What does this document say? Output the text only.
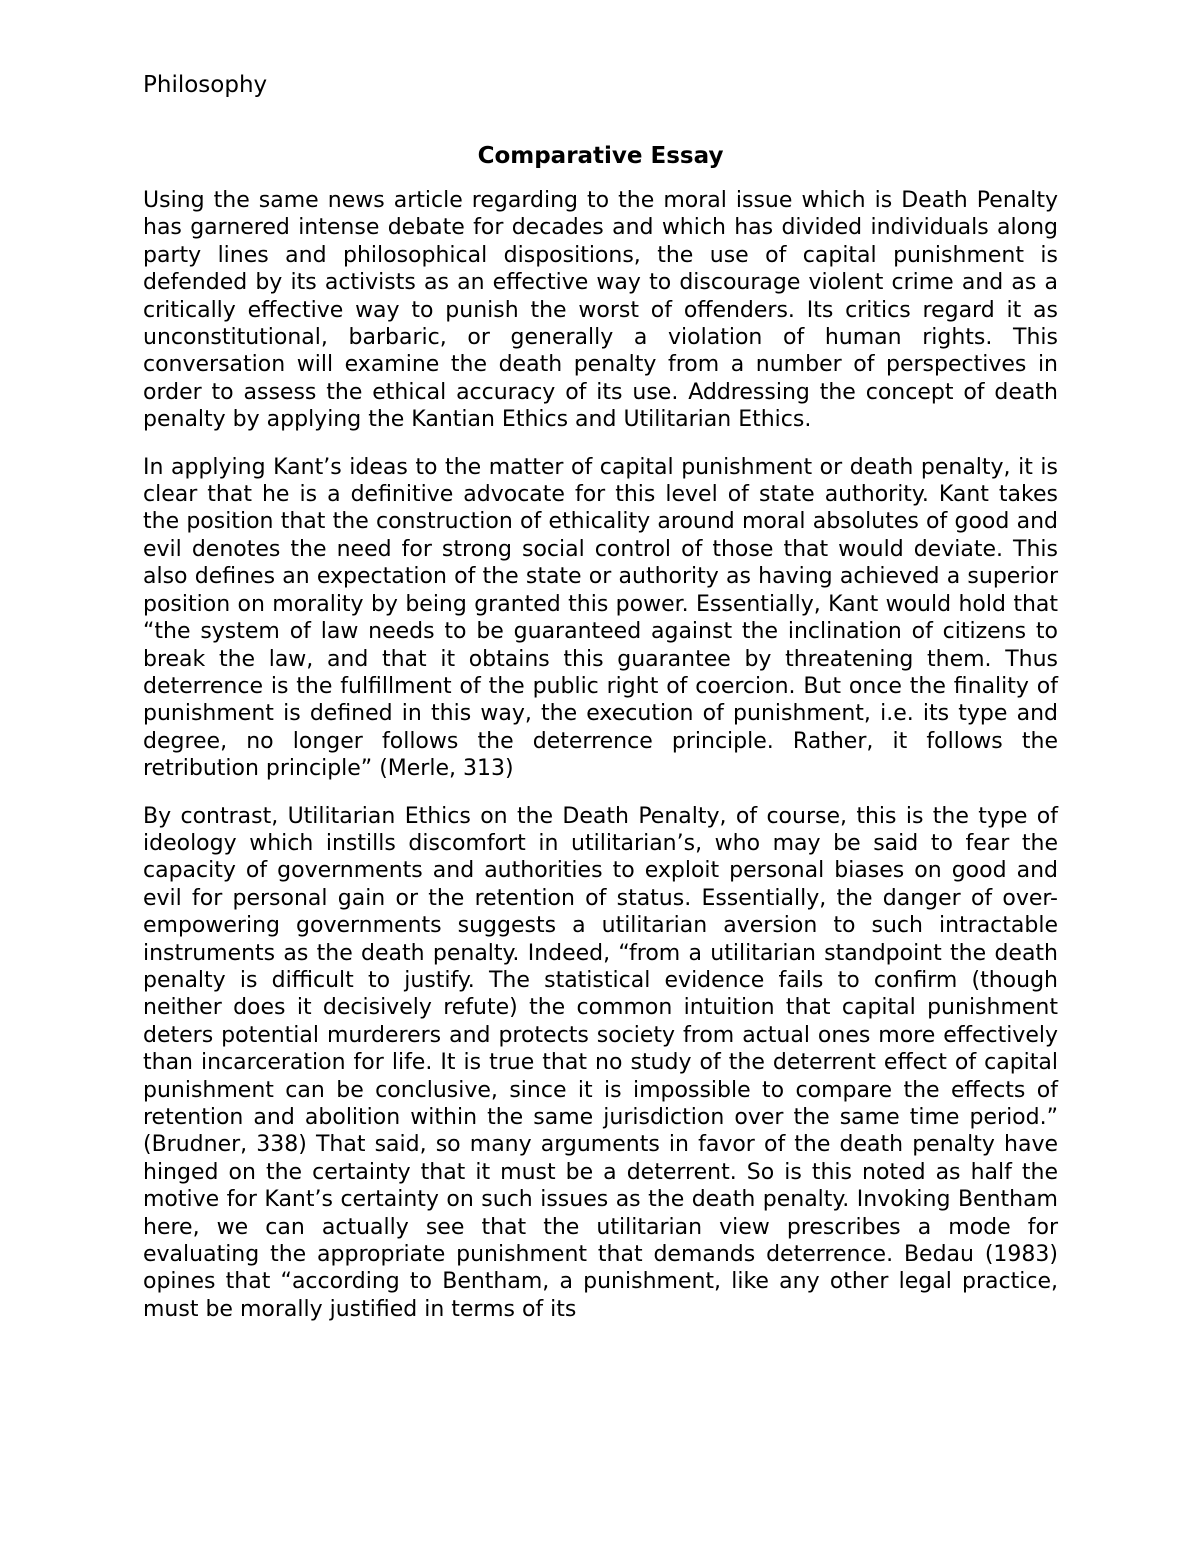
Philosophy

Comparative Essay

Using the same news article regarding to the moral issue which is Death Penalty has garnered intense debate for decades and which has divided individuals along party lines and philosophical dispositions, the use of capital punishment is defended by its activists as an effective way to discourage violent crime and as a critically effective way to punish the worst of offenders. Its critics regard it as unconstitutional, barbaric, or generally a violation of human rights. This conversation will examine the death penalty from a number of perspectives in order to assess the ethical accuracy of its use. Addressing the concept of death penalty by applying the Kantian Ethics and Utilitarian Ethics.

In applying Kant’s ideas to the matter of capital punishment or death penalty, it is clear that he is a definitive advocate for this level of state authority. Kant takes the position that the construction of ethicality around moral absolutes of good and evil denotes the need for strong social control of those that would deviate. This also defines an expectation of the state or authority as having achieved a superior position on morality by being granted this power. Essentially, Kant would hold that “the system of law needs to be guaranteed against the inclination of citizens to break the law, and that it obtains this guarantee by threatening them. Thus deterrence is the fulfillment of the public right of coercion. But once the finality of punishment is defined in this way, the execution of punishment, i.e. its type and degree, no longer follows the deterrence principle. Rather, it follows the retribution principle” (Merle, 313)

By contrast, Utilitarian Ethics on the Death Penalty, of course, this is the type of ideology which instills discomfort in utilitarian’s, who may be said to fear the capacity of governments and authorities to exploit personal biases on good and evil for personal gain or the retention of status. Essentially, the danger of over-empowering governments suggests a utilitarian aversion to such intractable instruments as the death penalty. Indeed, “from a utilitarian standpoint the death penalty is difficult to justify. The statistical evidence fails to confirm (though neither does it decisively refute) the common intuition that capital punishment deters potential murderers and protects society from actual ones more effectively than incarceration for life. It is true that no study of the deterrent effect of capital punishment can be conclusive, since it is impossible to compare the effects of retention and abolition within the same jurisdiction over the same time period.” (Brudner, 338) That said, so many arguments in favor of the death penalty have hinged on the certainty that it must be a deterrent. So is this noted as half the motive for Kant’s certainty on such issues as the death penalty. Invoking Bentham here, we can actually see that the utilitarian view prescribes a mode for evaluating the appropriate punishment that demands deterrence. Bedau (1983) opines that “according to Bentham, a punishment, like any other legal practice, must be morally justified in terms of its
